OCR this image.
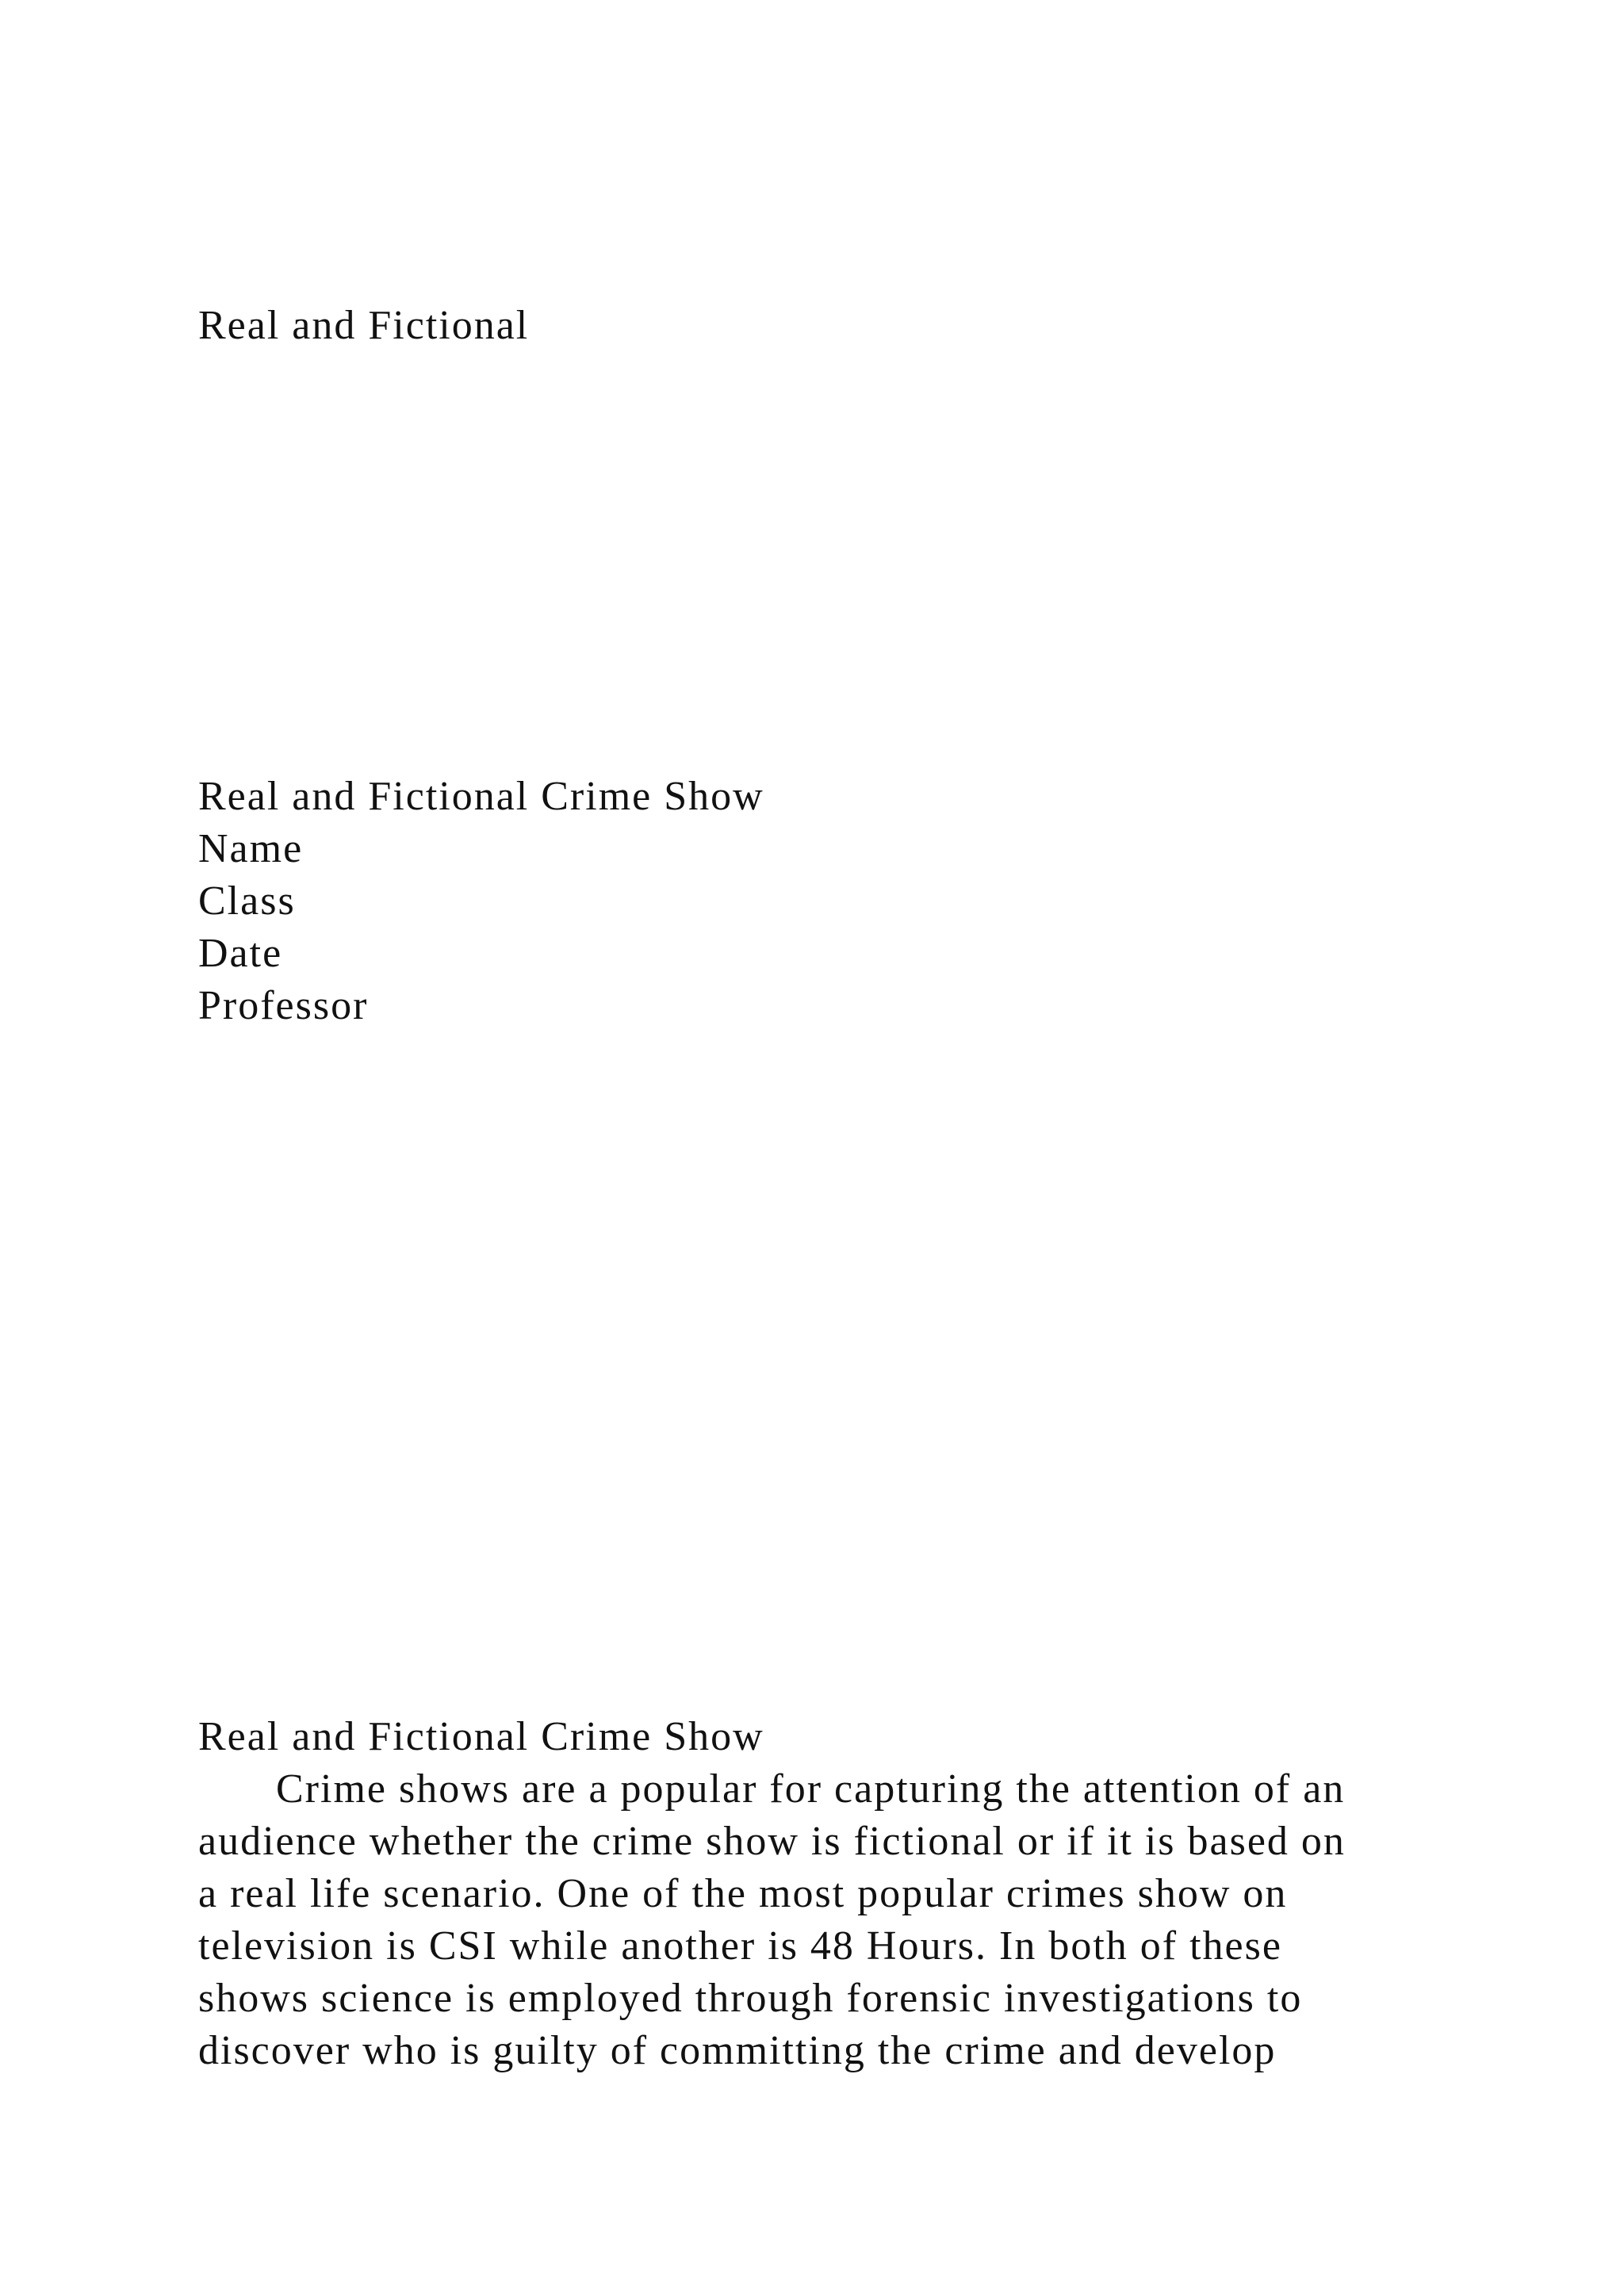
Real and Fictional
Real and Fictional Crime Show
Name
Class
Date
Professor
Real and Fictional Crime Show
Crime shows are a popular for capturing the attention of an
audience whether the crime show is fictional or if it is based on
a real life scenario. One of the most popular crimes show on
television is CSI while another is 48 Hours. In both of these
shows science is employed through forensic investigations to
discover who is guilty of committing the crime and develop
